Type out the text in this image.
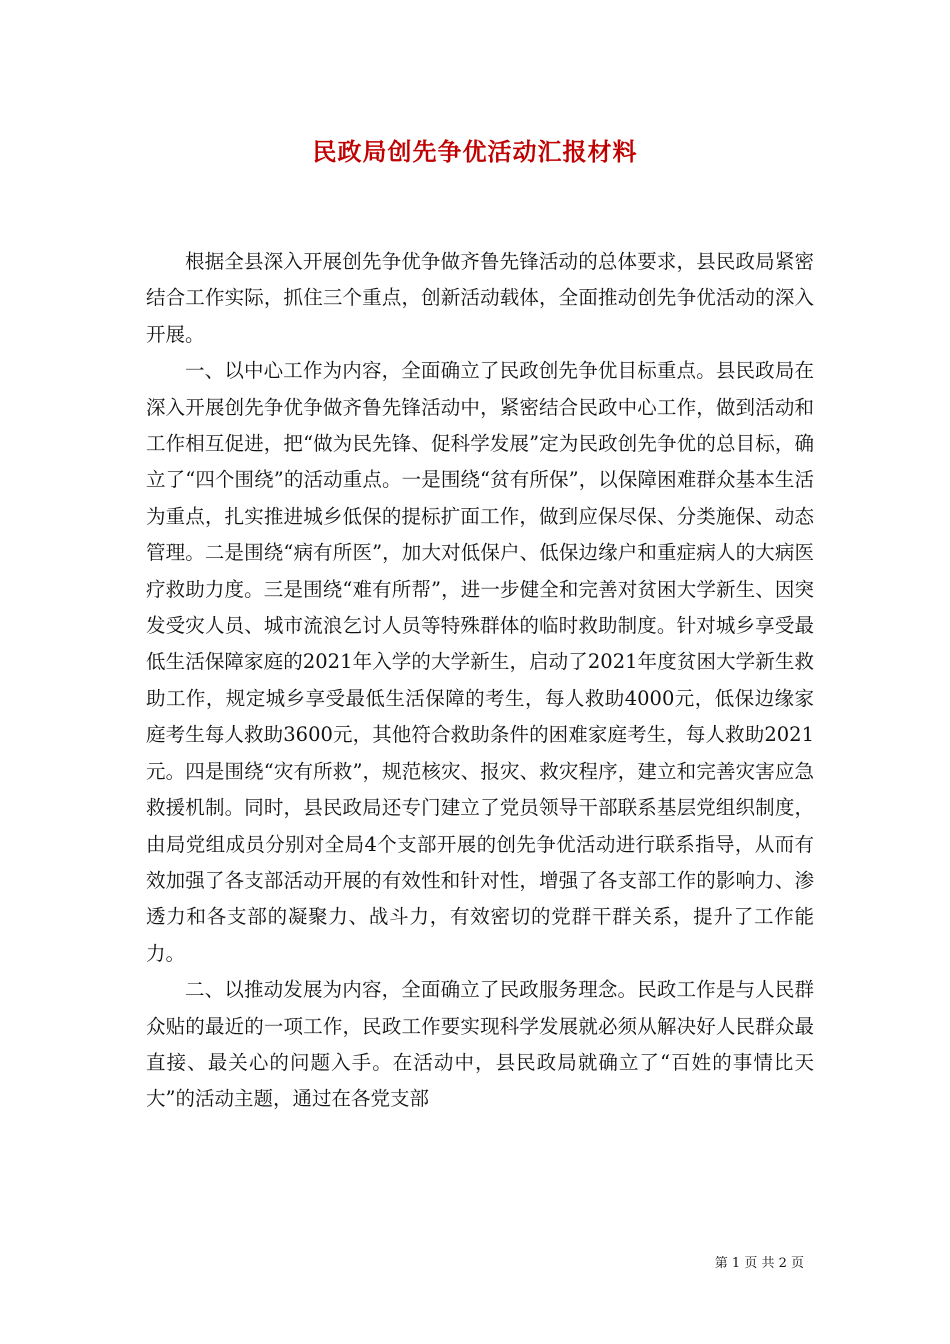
民政局创先争优活动汇报材料

根据全县深入开展创先争优争做齐鲁先锋活动的总体要求，县民政局紧密结合工作实际，抓住三个重点，创新活动载体，全面推动创先争优活动的深入开展。

一、以中心工作为内容，全面确立了民政创先争优目标重点。县民政局在深入开展创先争优争做齐鲁先锋活动中，紧密结合民政中心工作，做到活动和工作相互促进，把“做为民先锋、促科学发展”定为民政创先争优的总目标，确立了“四个围绕”的活动重点。一是围绕“贫有所保”，以保障困难群众基本生活为重点，扎实推进城乡低保的提标扩面工作，做到应保尽保、分类施保、动态管理。二是围绕“病有所医”，加大对低保户、低保边缘户和重症病人的大病医疗救助力度。三是围绕“难有所帮”，进一步健全和完善对贫困大学新生、因突发受灾人员、城市流浪乞讨人员等特殊群体的临时救助制度。针对城乡享受最低生活保障家庭的2021年入学的大学新生，启动了2021年度贫困大学新生救助工作，规定城乡享受最低生活保障的考生，每人救助4000元，低保边缘家庭考生每人救助3600元，其他符合救助条件的困难家庭考生，每人救助2021元。四是围绕“灾有所救”，规范核灾、报灾、救灾程序，建立和完善灾害应急救援机制。同时，县民政局还专门建立了党员领导干部联系基层党组织制度，由局党组成员分别对全局4个支部开展的创先争优活动进行联系指导，从而有效加强了各支部活动开展的有效性和针对性，增强了各支部工作的影响力、渗透力和各支部的凝聚力、战斗力，有效密切的党群干群关系，提升了工作能力。

二、以推动发展为内容，全面确立了民政服务理念。民政工作是与人民群众贴的最近的一项工作，民政工作要实现科学发展就必须从解决好人民群众最直接、最关心的问题入手。在活动中，县民政局就确立了“百姓的事情比天大”的活动主题，通过在各党支部

第 1 页 共 2 页
